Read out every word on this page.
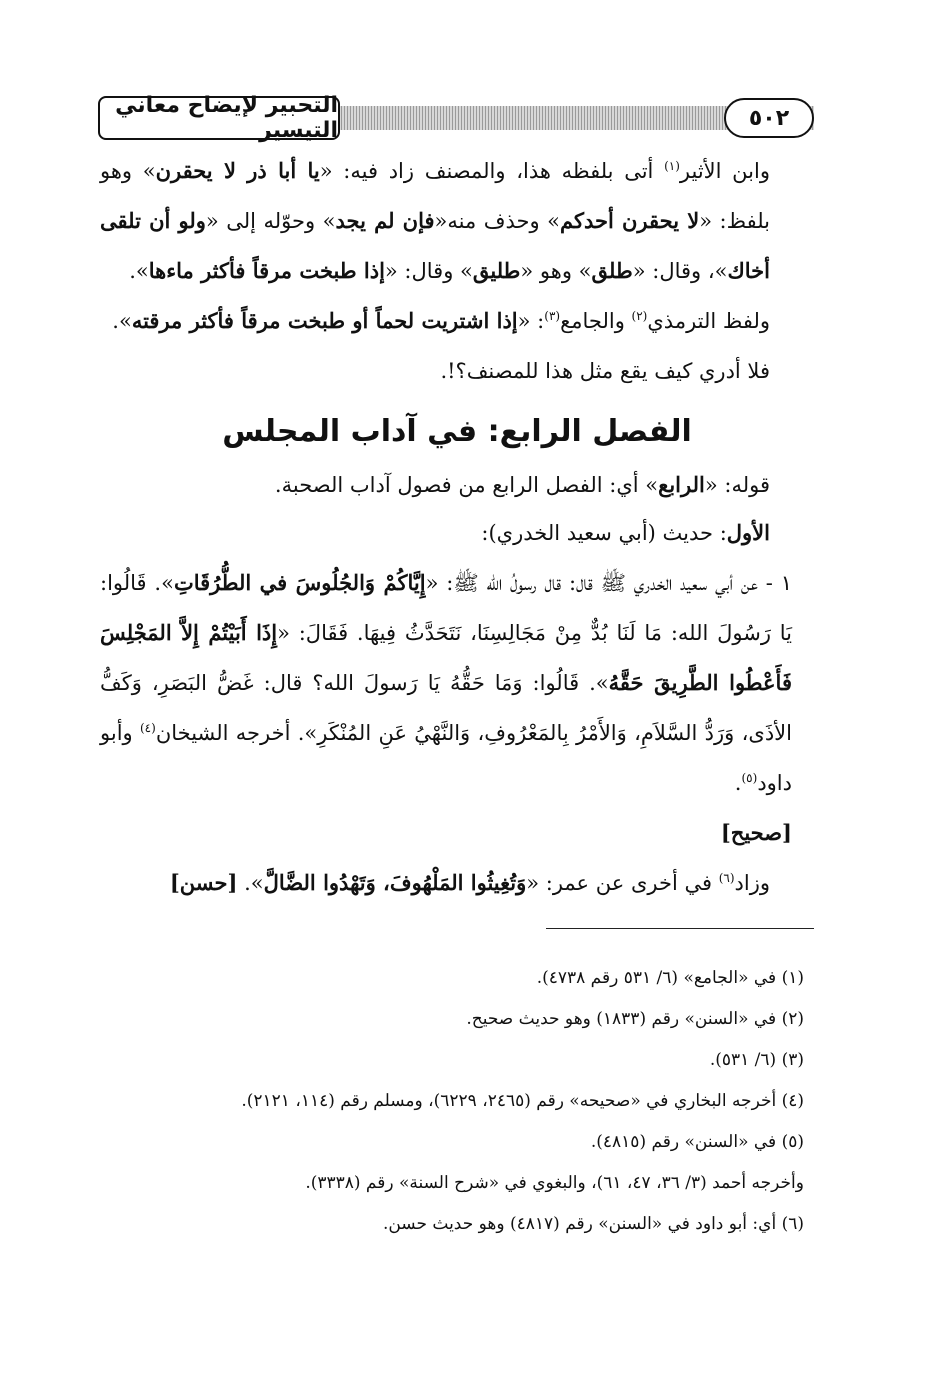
التحبير لإيضاح معاني التيسير	٥٠٢

وابن الأثير$^{(١)}$ أتى بلفظه هذا، والمصنف زاد فيه: «يا أبا ذر لا يحقرن» وهو بلفظ: «لا يحقرن أحدكم» وحذف منه«فإن لم يجد» وحوّله إلى «ولو أن تلقى أخاك»، وقال: «طلق» وهو «طليق» وقال: «إذا طبخت مرقاً فأكثر ماءها».

ولفظ الترمذي$^{(٢)}$ والجامع$^{(٣)}$: «إذا اشتريت لحماً أو طبخت مرقاً فأكثر مرقته».

فلا أدري كيف يقع مثل هذا للمصنف؟!.

الفصل الرابع: في آداب المجلس

قوله: «الرابع» أي: الفصل الرابع من فصول آداب الصحبة.

الأول: حديث (أبي سعيد الخدري):

١ - عن أبي سعيد الخدري ﷺ قال: قال رسولُ الله ﷺ: «إِيَّاكُمْ وَالجُلُوسَ في الطُّرُقَاتِ». قَالُوا: يَا رَسُولَ الله: مَا لَنَا بُدٌّ مِنْ مَجَالِسِنَا، نَتَحَدَّثُ فِيهَا. فَقَالَ: «إِذَا أَبَيْتُمْ إِلاَّ المَجْلِسَ فَأَعْطُوا الطَّرِيقَ حَقَّهُ». قَالُوا: وَمَا حَقُّهُ يَا رَسولَ الله؟ قال: غَضُّ البَصَرِ، وَكَفُّ الأذَى، وَرَدُّ السَّلاَمِ، وَالأَمْرُ بِالمَعْرُوفِ، وَالنَّهْيُ عَنِ المُنْكَرِ». أخرجه الشيخان$^{(٤)}$ وأبو داود$^{(٥)}$.
[صحيح]

وزاد$^{(٦)}$ في أخرى عن عمر: «وَتُغِيثُوا المَلْهُوفَ، وَتَهْدُوا الضَّالَّ». [حسن]

(١) في «الجامع» (٦/ ٥٣١ رقم ٤٧٣٨).

(٢) في «السنن» رقم (١٨٣٣) وهو حديث صحيح.

(٣) (٦/ ٥٣١).

(٤) أخرجه البخاري في «صحيحه» رقم (٢٤٦٥، ٦٢٢٩)، ومسلم رقم (١١٤، ٢١٢١).

(٥) في «السنن» رقم (٤٨١٥).

وأخرجه أحمد (٣/ ٣٦، ٤٧، ٦١)، والبغوي في «شرح السنة» رقم (٣٣٣٨).

(٦) أي: أبو داود في «السنن» رقم (٤٨١٧) وهو حديث حسن.
